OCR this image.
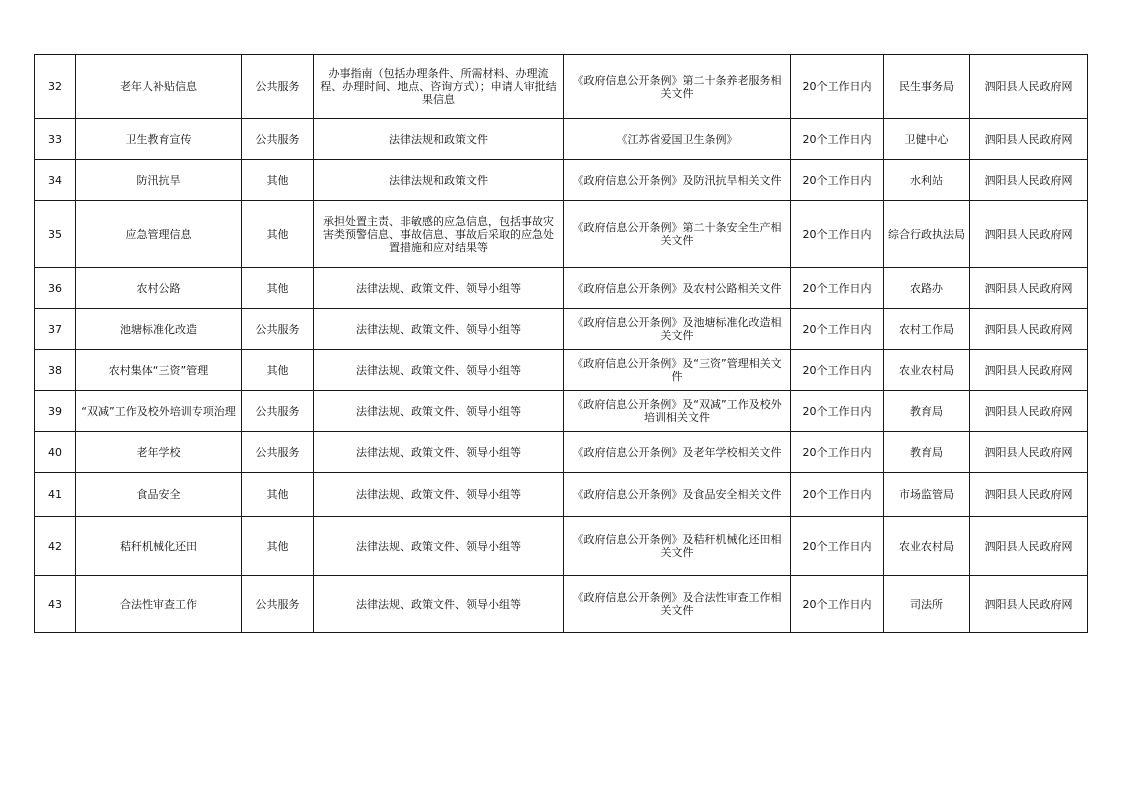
32	老年人补贴信息	公共服务	办事指南（包括办理条件、所需材料、办理流程、办理时间、地点、咨询方式）；申请人审批结果信息	《政府信息公开条例》第二十条养老服务相关文件	20个工作日内	民生事务局	泗阳县人民政府网
33	卫生教育宣传	公共服务	法律法规和政策文件	《江苏省爱国卫生条例》	20个工作日内	卫健中心	泗阳县人民政府网
34	防汛抗旱	其他	法律法规和政策文件	《政府信息公开条例》及防汛抗旱相关文件	20个工作日内	水利站	泗阳县人民政府网
35	应急管理信息	其他	承担处置主责、非敏感的应急信息，包括事故灾害类预警信息、事故信息、事故后采取的应急处置措施和应对结果等	《政府信息公开条例》第二十条安全生产相关文件	20个工作日内	综合行政执法局	泗阳县人民政府网
36	农村公路	其他	法律法规、政策文件、领导小组等	《政府信息公开条例》及农村公路相关文件	20个工作日内	农路办	泗阳县人民政府网
37	池塘标准化改造	公共服务	法律法规、政策文件、领导小组等	《政府信息公开条例》及池塘标准化改造相关文件	20个工作日内	农村工作局	泗阳县人民政府网
38	农村集体“三资”管理	其他	法律法规、政策文件、领导小组等	《政府信息公开条例》及“三资”管理相关文件	20个工作日内	农业农村局	泗阳县人民政府网
39	“双减”工作及校外培训专项治理	公共服务	法律法规、政策文件、领导小组等	《政府信息公开条例》及“双减”工作及校外培训相关文件	20个工作日内	教育局	泗阳县人民政府网
40	老年学校	公共服务	法律法规、政策文件、领导小组等	《政府信息公开条例》及老年学校相关文件	20个工作日内	教育局	泗阳县人民政府网
41	食品安全	其他	法律法规、政策文件、领导小组等	《政府信息公开条例》及食品安全相关文件	20个工作日内	市场监管局	泗阳县人民政府网
42	秸秆机械化还田	其他	法律法规、政策文件、领导小组等	《政府信息公开条例》及秸秆机械化还田相关文件	20个工作日内	农业农村局	泗阳县人民政府网
43	合法性审查工作	公共服务	法律法规、政策文件、领导小组等	《政府信息公开条例》及合法性审查工作相关文件	20个工作日内	司法所	泗阳县人民政府网
